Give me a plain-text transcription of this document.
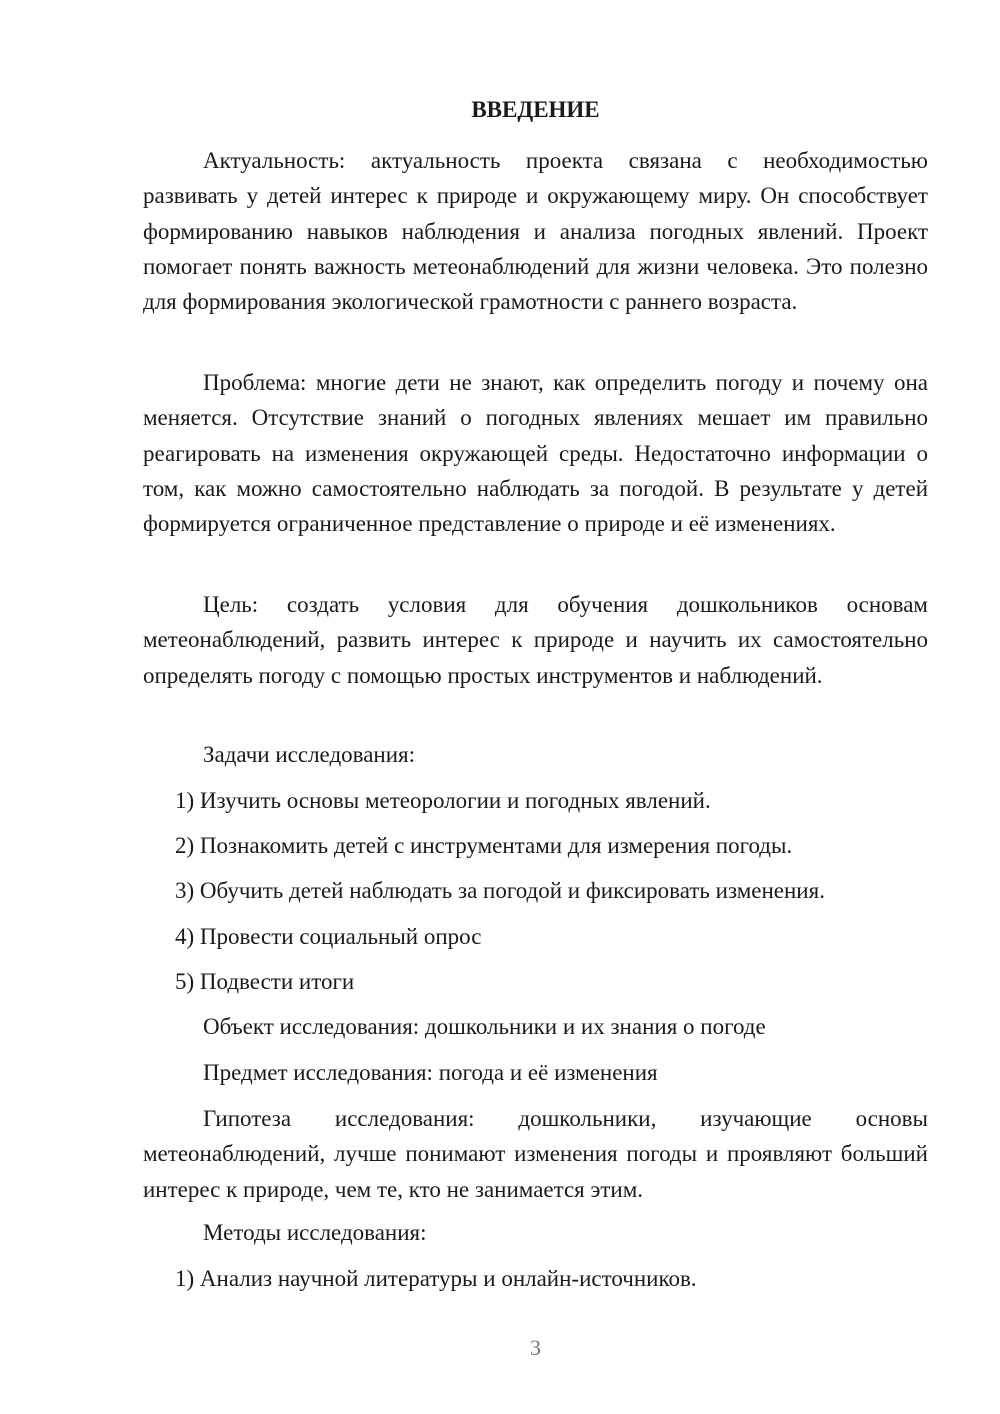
ВВЕДЕНИЕ

Актуальность: актуальность проекта связана с необходимостью развивать у детей интерес к природе и окружающему миру. Он способствует формированию навыков наблюдения и анализа погодных явлений. Проект помогает понять важность метеонаблюдений для жизни человека. Это полезно для формирования экологической грамотности с раннего возраста.

Проблема: многие дети не знают, как определить погоду и почему она меняется. Отсутствие знаний о погодных явлениях мешает им правильно реагировать на изменения окружающей среды. Недостаточно информации о том, как можно самостоятельно наблюдать за погодой. В результате у детей формируется ограниченное представление о природе и её изменениях.

Цель: создать условия для обучения дошкольников основам метеонаблюдений, развить интерес к природе и научить их самостоятельно определять погоду с помощью простых инструментов и наблюдений.

Задачи исследования:

1) Изучить основы метеорологии и погодных явлений.

2) Познакомить детей с инструментами для измерения погоды.

3) Обучить детей наблюдать за погодой и фиксировать изменения.

4) Провести социальный опрос

5) Подвести итоги

Объект исследования: дошкольники и их знания о погоде

Предмет исследования: погода и её изменения

Гипотеза исследования: дошкольники, изучающие основы метеонаблюдений, лучше понимают изменения погоды и проявляют больший интерес к природе, чем те, кто не занимается этим.

Методы исследования:

1) Анализ научной литературы и онлайн-источников.

3
